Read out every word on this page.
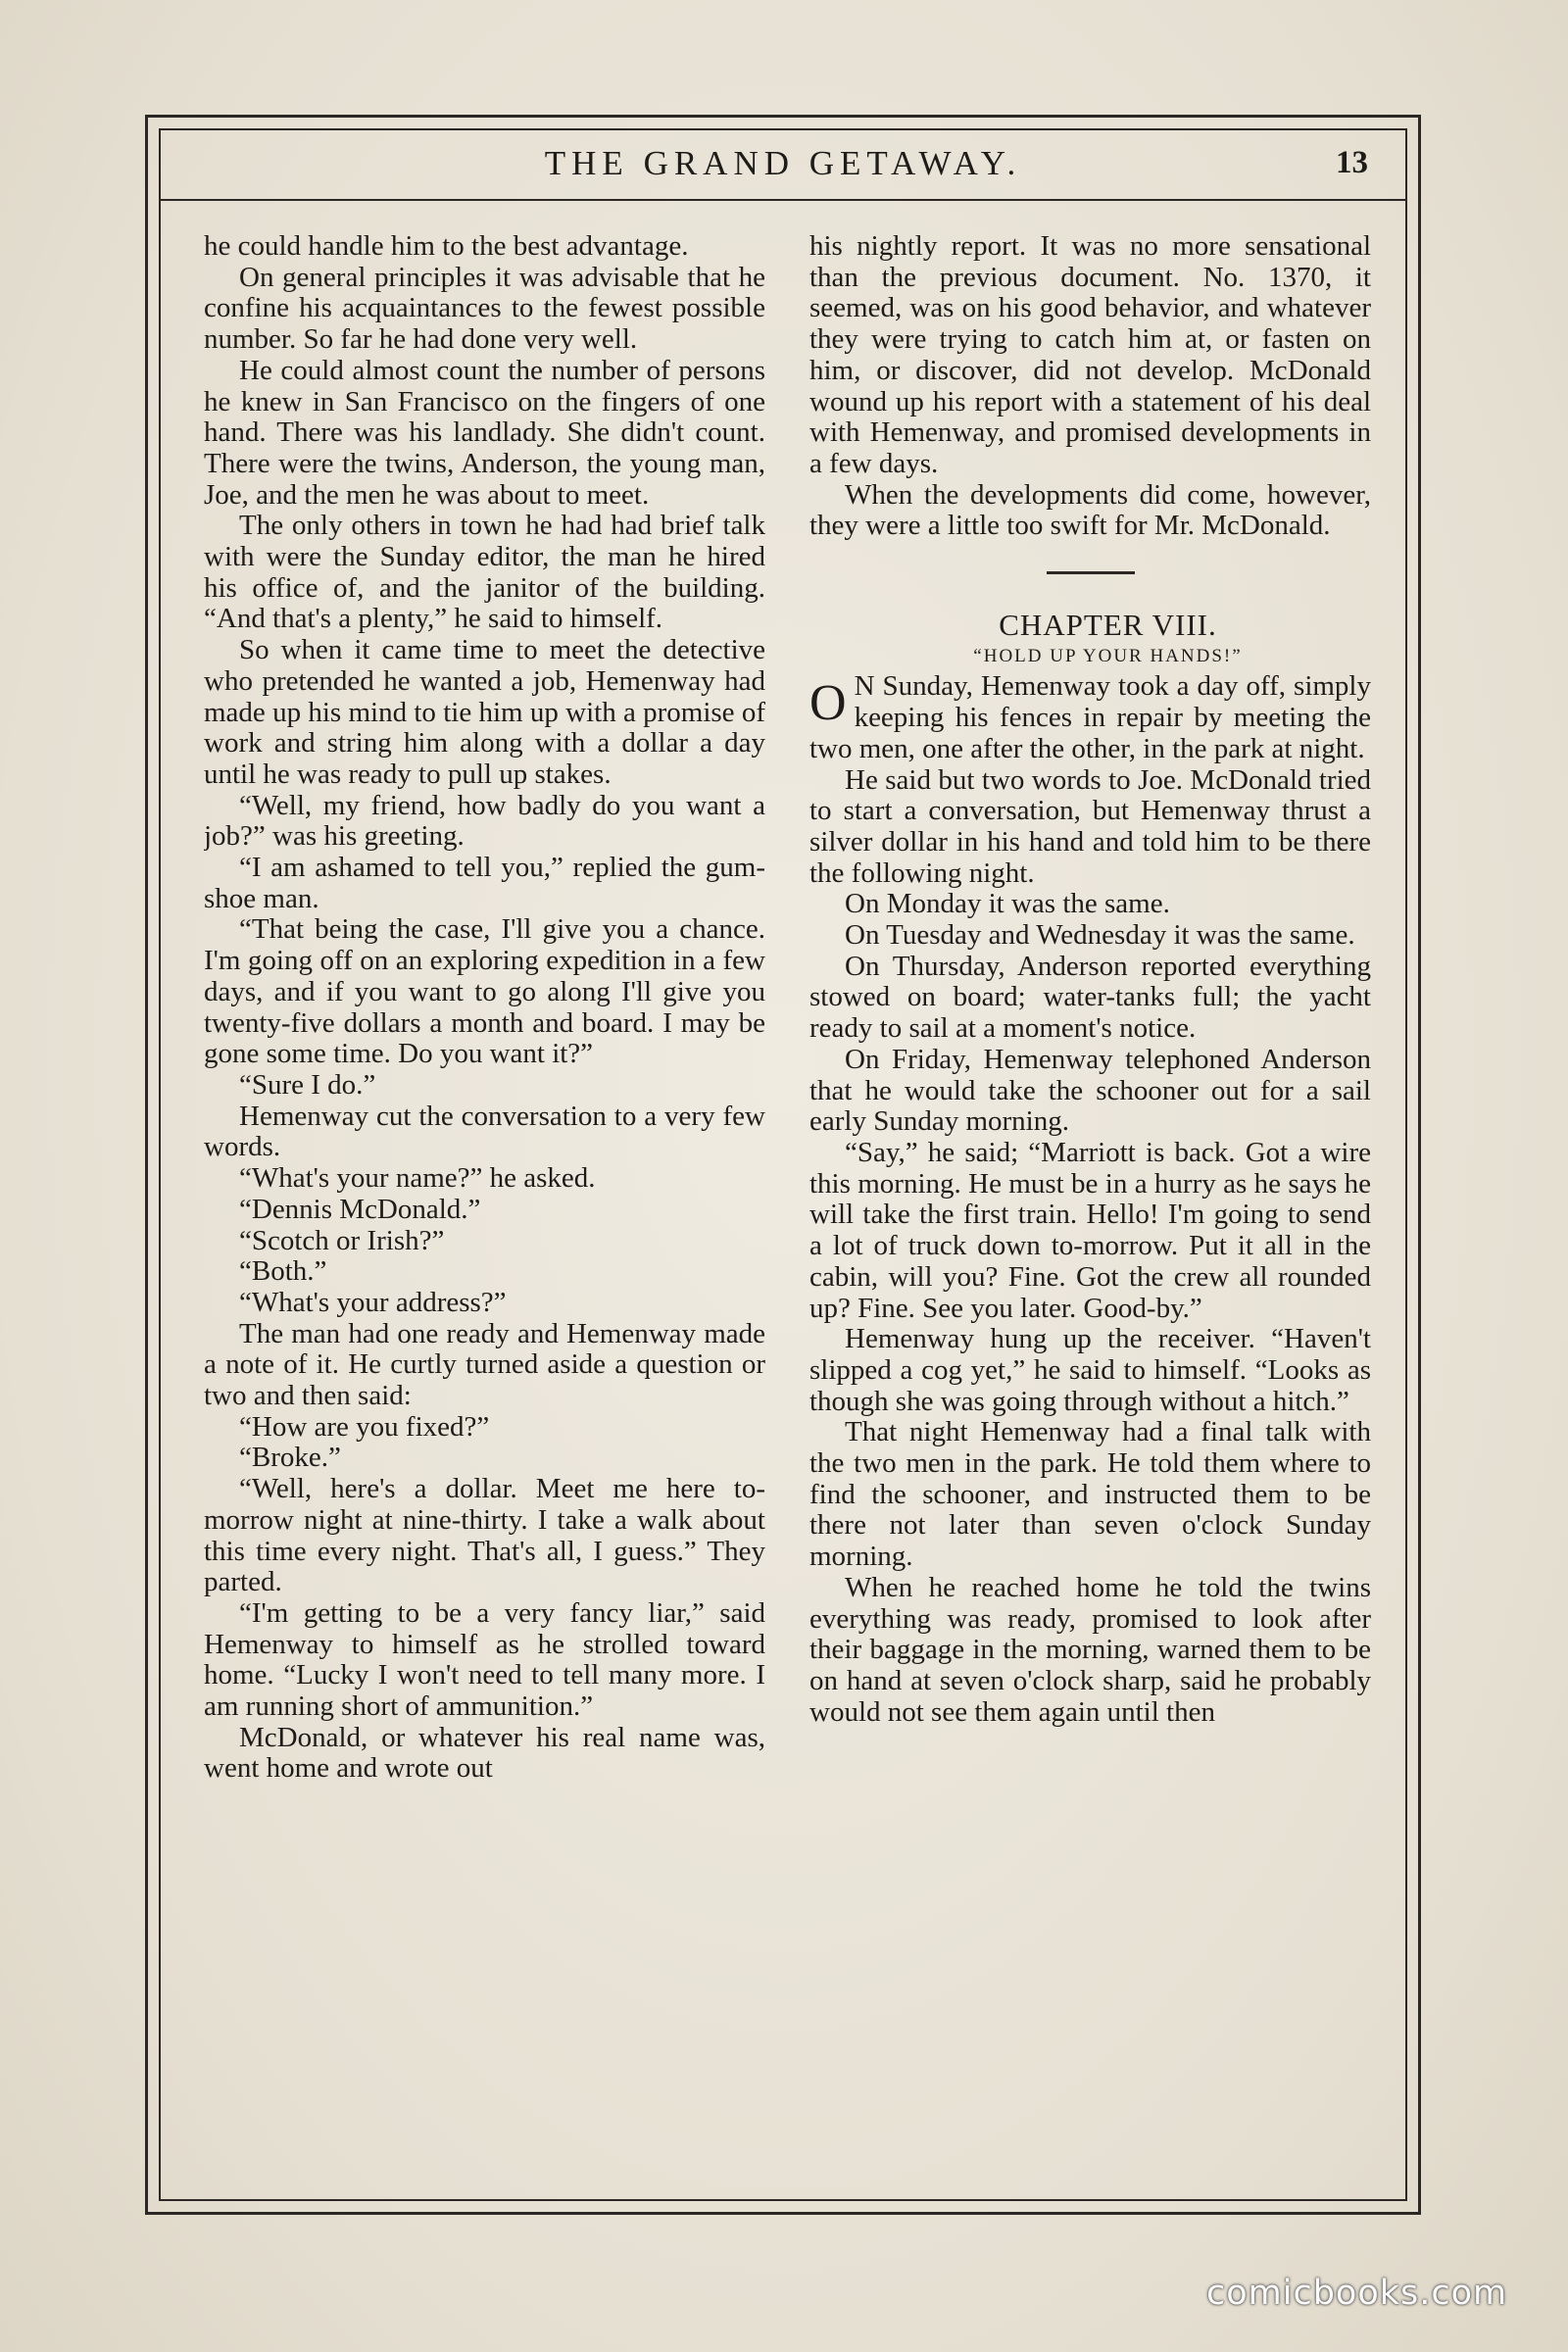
THE GRAND GETAWAY.	13

he could handle him to the best advantage.

On general principles it was advisable that he confine his acquaintances to the fewest possible number. So far he had done very well.

He could almost count the number of persons he knew in San Francisco on the fingers of one hand. There was his landlady. She didn't count. There were the twins, Anderson, the young man, Joe, and the men he was about to meet.

The only others in town he had had brief talk with were the Sunday editor, the man he hired his office of, and the janitor of the building. “And that's a plenty,” he said to himself.

So when it came time to meet the detective who pretended he wanted a job, Hemenway had made up his mind to tie him up with a promise of work and string him along with a dollar a day until he was ready to pull up stakes.

“Well, my friend, how badly do you want a job?” was his greeting.

“I am ashamed to tell you,” replied the gum-shoe man.

“That being the case, I'll give you a chance. I'm going off on an exploring expedition in a few days, and if you want to go along I'll give you twenty-five dollars a month and board. I may be gone some time. Do you want it?”

“Sure I do.”

Hemenway cut the conversation to a very few words.

“What's your name?” he asked.

“Dennis McDonald.”

“Scotch or Irish?”

“Both.”

“What's your address?”

The man had one ready and Hemenway made a note of it. He curtly turned aside a question or two and then said:

“How are you fixed?”

“Broke.”

“Well, here's a dollar. Meet me here to-morrow night at nine-thirty. I take a walk about this time every night. That's all, I guess.” They parted.

“I'm getting to be a very fancy liar,” said Hemenway to himself as he strolled toward home. “Lucky I won't need to tell many more. I am running short of ammunition.”

McDonald, or whatever his real name was, went home and wrote out

his nightly report. It was no more sensational than the previous document. No. 1370, it seemed, was on his good behavior, and whatever they were trying to catch him at, or fasten on him, or discover, did not develop. McDonald wound up his report with a statement of his deal with Hemenway, and promised developments in a few days.

When the developments did come, however, they were a little too swift for Mr. McDonald.

CHAPTER VIII.

“HOLD UP YOUR HANDS!”

O N Sunday, Hemenway took a day off, simply keeping his fences in repair by meeting the two men, one after the other, in the park at night.

He said but two words to Joe. McDonald tried to start a conversation, but Hemenway thrust a silver dollar in his hand and told him to be there the following night.

On Monday it was the same.

On Tuesday and Wednesday it was the same.

On Thursday, Anderson reported everything stowed on board; water-tanks full; the yacht ready to sail at a moment's notice.

On Friday, Hemenway telephoned Anderson that he would take the schooner out for a sail early Sunday morning.

“Say,” he said; “Marriott is back. Got a wire this morning. He must be in a hurry as he says he will take the first train. Hello! I'm going to send a lot of truck down to-morrow. Put it all in the cabin, will you? Fine. Got the crew all rounded up? Fine. See you later. Good-by.”

Hemenway hung up the receiver. “Haven't slipped a cog yet,” he said to himself. “Looks as though she was going through without a hitch.”

That night Hemenway had a final talk with the two men in the park. He told them where to find the schooner, and instructed them to be there not later than seven o'clock Sunday morning.

When he reached home he told the twins everything was ready, promised to look after their baggage in the morning, warned them to be on hand at seven o'clock sharp, said he probably would not see them again until then

comicbooks.com
